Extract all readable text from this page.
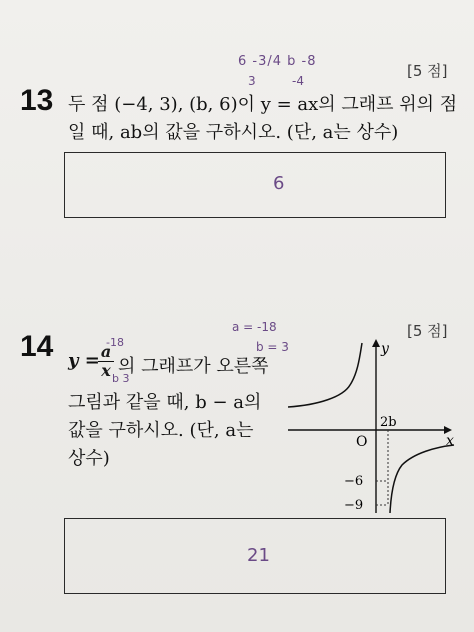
6 -3/4 b -8
3	-4
[5 점]
13 두 점 (−4, 3), (b, 6)이 y = ax의 그래프 위의 점
일 때, ab의 값을 구하시오. (단, a는 상수)
6
[5 점]
a = -18
b = 3
14 y = a
x 의 그래프가 오른쪽
-18
b 3
그림과 같을 때, b − a의
값을 구하시오. (단, a는
상수)
y
x
O
2b
−6
−9
21
